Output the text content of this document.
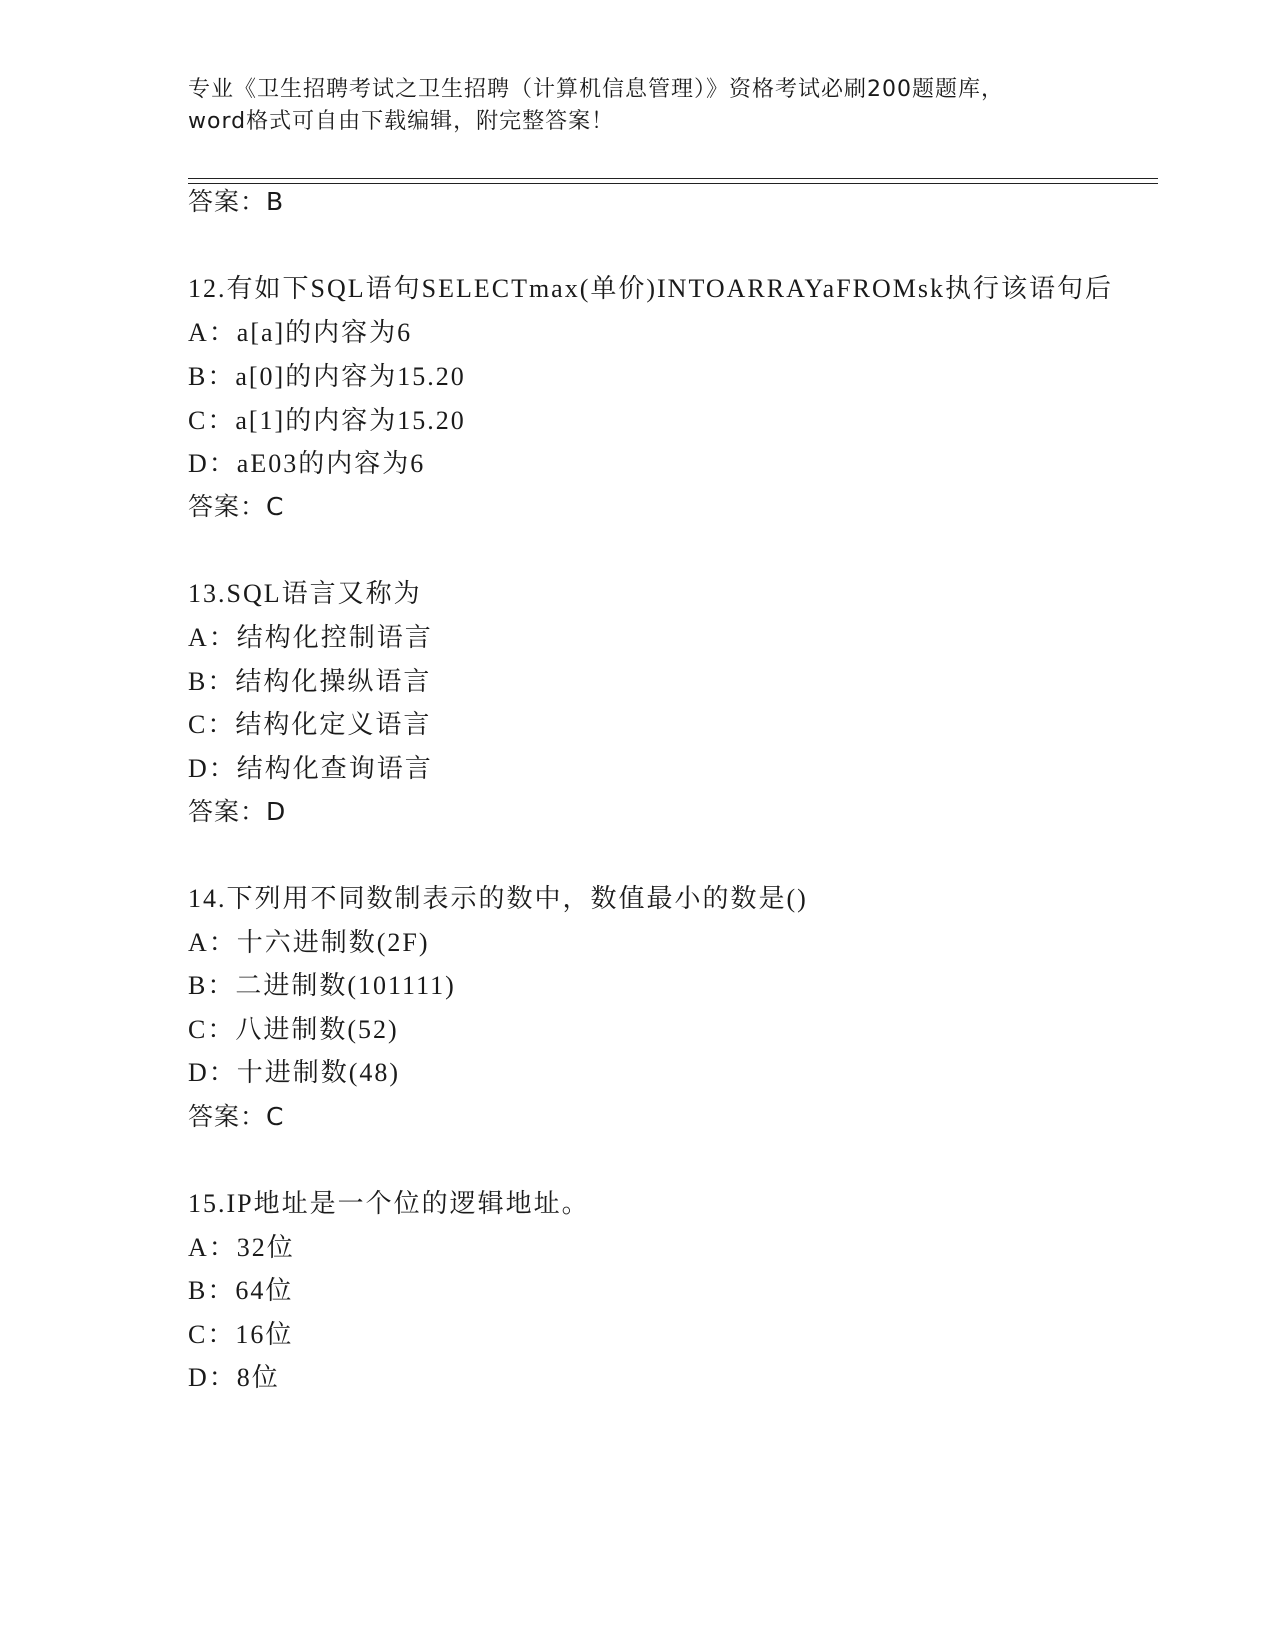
专业《卫生招聘考试之卫生招聘（计算机信息管理）》资格考试必刷200题题库，
word格式可自由下载编辑，附完整答案！
答案：B
12.有如下SQL语句SELECTmax(单价)INTOARRAYaFROMsk执行该语句后
A：a[a]的内容为6
B：a[0]的内容为15.20
C：a[1]的内容为15.20
D：aE03的内容为6
答案：C
13.SQL语言又称为
A：结构化控制语言
B：结构化操纵语言
C：结构化定义语言
D：结构化查询语言
答案：D
14.下列用不同数制表示的数中，数值最小的数是()
A：十六进制数(2F)
B：二进制数(101111)
C：八进制数(52)
D：十进制数(48)
答案：C
15.IP地址是一个位的逻辑地址。
A：32位
B：64位
C：16位
D：8位
